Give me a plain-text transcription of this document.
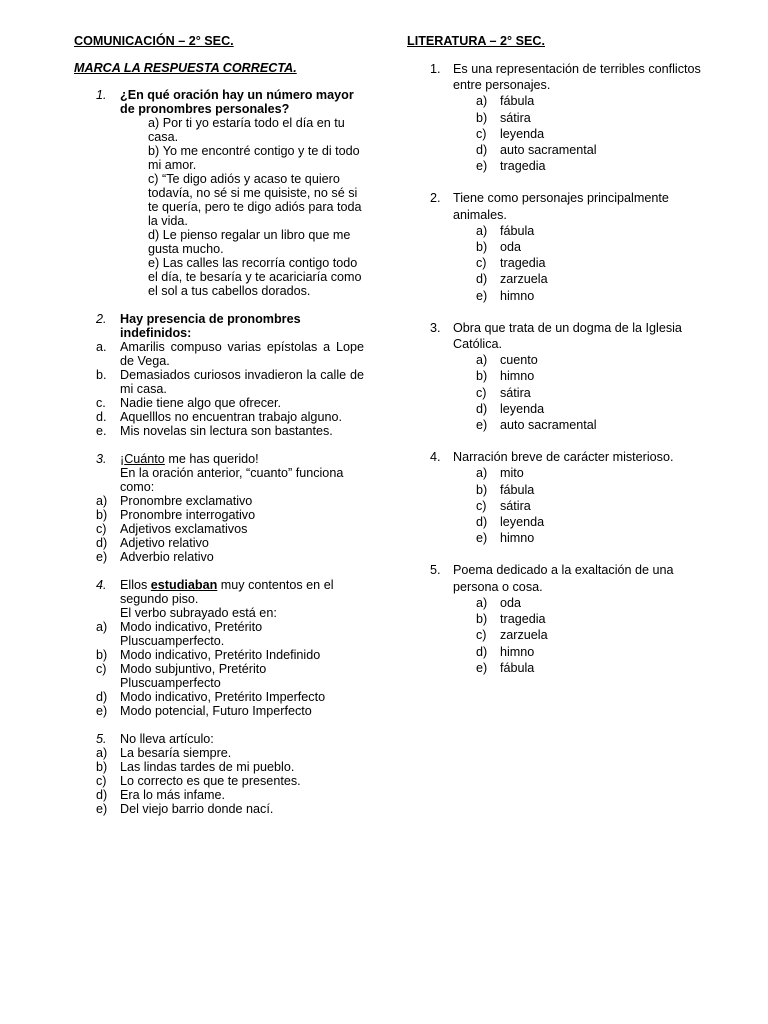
COMUNICACIÓN – 2° SEC.
MARCA LA RESPUESTA CORRECTA.
1. ¿En qué oración hay un número mayor de pronombres personales?
a) Por ti yo estaría todo el día en tu casa.
b) Yo me encontré contigo y te di todo mi amor.
c) “Te digo adiós y acaso te quiero todavía, no sé si me quisiste, no sé si te quería, pero te digo adiós para toda la vida.
d) Le pienso regalar un libro que me gusta mucho.
e) Las calles las recorría contigo todo el día, te besaría y te acariciaría como el sol a tus cabellos dorados.
2. Hay presencia de pronombres indefinidos:
a. Amarilis compuso varias epístolas a Lope de Vega.
b. Demasiados curiosos invadieron la calle de mi casa.
c. Nadie tiene algo que ofrecer.
d. Aquelllos no encuentran trabajo alguno.
e. Mis novelas sin lectura son bastantes.
3. ¡Cuánto me has querido!
En la oración anterior, “cuanto” funciona como:
a) Pronombre exclamativo
b) Pronombre interrogativo
c) Adjetivos exclamativos
d) Adjetivo relativo
e) Adverbio relativo
4. Ellos estudiaban muy contentos en el segundo piso.
El verbo subrayado está en:
a) Modo indicativo, Pretérito Pluscuamperfecto.
b) Modo indicativo, Pretérito Indefinido
c) Modo subjuntivo, Pretérito Pluscuamperfecto
d) Modo indicativo, Pretérito Imperfecto
e) Modo potencial, Futuro Imperfecto
5. No lleva artículo:
a) La besaría siempre.
b) Las lindas tardes de mi pueblo.
c) Lo correcto es que te presentes.
d) Era lo más infame.
e) Del viejo barrio donde nací.
LITERATURA – 2° SEC.
1. Es una representación de terribles conflictos entre personajes.
a) fábula
b) sátira
c) leyenda
d) auto sacramental
e) tragedia
2. Tiene como personajes principalmente animales.
a) fábula
b) oda
c) tragedia
d) zarzuela
e) himno
3. Obra que trata de un dogma de la Iglesia Católica.
a) cuento
b) himno
c) sátira
d) leyenda
e) auto sacramental
4. Narración breve de carácter misterioso.
a) mito
b) fábula
c) sátira
d) leyenda
e) himno
5. Poema dedicado a la exaltación de una persona o cosa.
a) oda
b) tragedia
c) zarzuela
d) himno
e) fábula
